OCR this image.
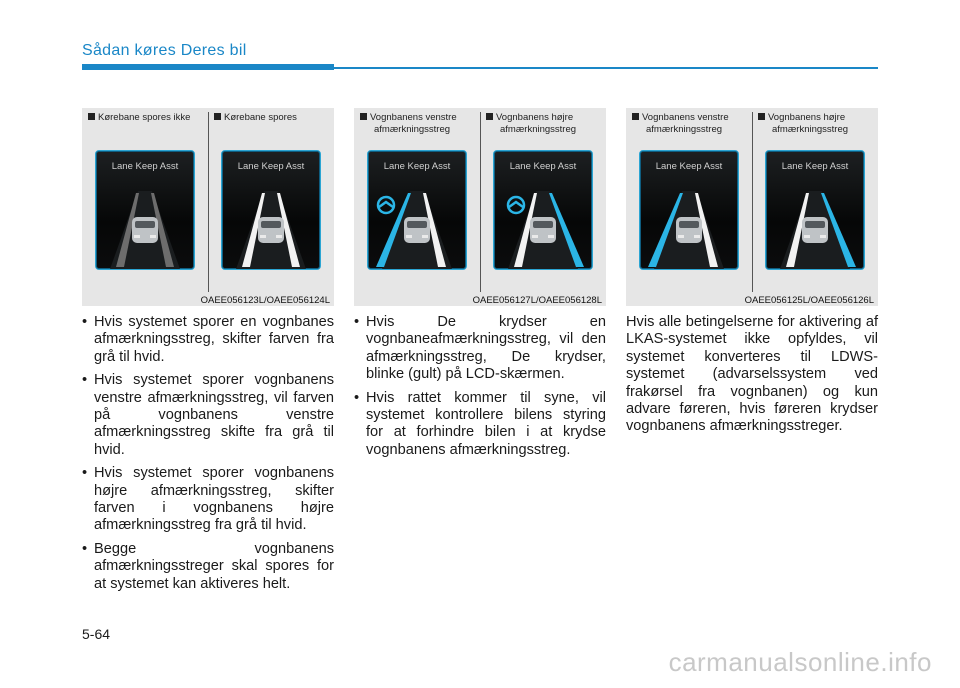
Sådan køres Deres bil
Kørebane spores ikke	Kørebane spores
Lane Keep Asst	Lane Keep Asst
OAEE056123L/OAEE056124L
Vognbanens venstre
afmærkningsstreg
Vognbanens højre
afmærkningsstreg
Lane Keep Asst	Lane Keep Asst
OAEE056127L/OAEE056128L
Vognbanens venstre
afmærkningsstreg
Vognbanens højre
afmærkningsstreg
Lane Keep Asst	Lane Keep Asst
OAEE056125L/OAEE056126L
• Hvis systemet sporer en vognbanes afmærkningsstreg, skifter farven fra grå til hvid.
• Hvis systemet sporer vognbanens venstre afmærkningsstreg, vil farven på vognbanens venstre afmærkningsstreg skifte fra grå til hvid.
• Hvis systemet sporer vognbanens højre afmærkningsstreg, skifter farven i vognbanens højre afmærkningsstreg fra grå til hvid.
• Begge vognbanens afmærkningsstreger skal spores for at systemet kan aktiveres helt.
• Hvis De krydser en vognbaneafmærkningsstreg, vil den afmærkningsstreg, De krydser, blinke (gult) på LCD-skærmen.
• Hvis rattet kommer til syne, vil systemet kontrollere bilens styring for at forhindre bilen i at krydse vognbanens afmærkningsstreg.

Hvis alle betingelserne for aktivering af LKAS-systemet ikke opfyldes, vil systemet konverteres til LDWS-systemet (advarselssystem ved frakørsel fra vognbanen) og kun advare føreren, hvis føreren krydser vognbanens afmærkningsstreger.

5-64
carmanualsonline.info
